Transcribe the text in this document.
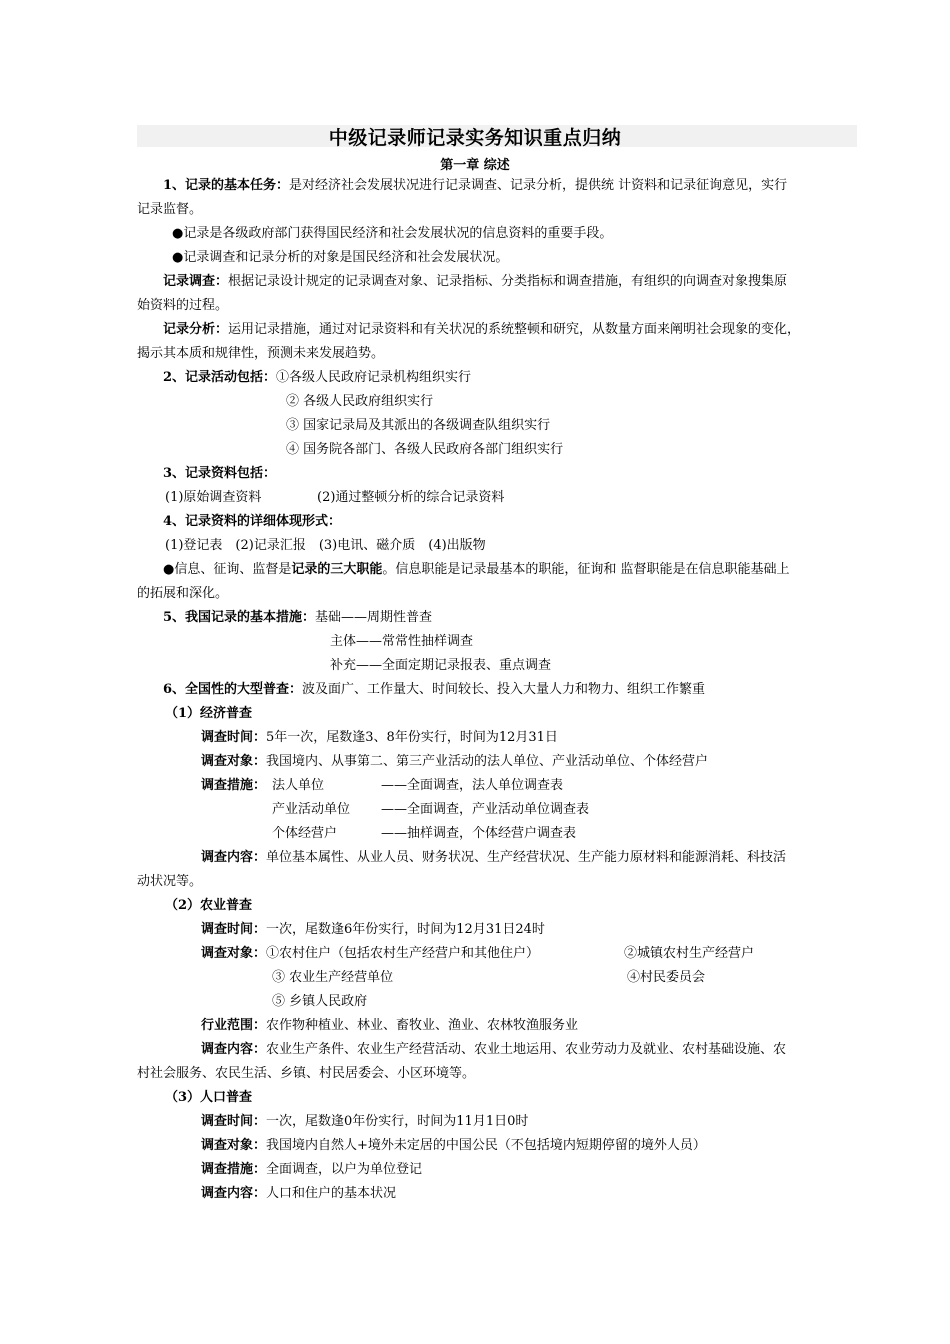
中级记录师记录实务知识重点归纳
第一章 综述
1、记录的基本任务：是对经济社会发展状况进行记录调查、记录分析，提供统 计资料和记录征询意见，实行
记录监督。
●记录是各级政府部门获得国民经济和社会发展状况的信息资料的重要手段。
●记录调查和记录分析的对象是国民经济和社会发展状况。
记录调查：根据记录设计规定的记录调查对象、记录指标、分类指标和调查措施，有组织的向调查对象搜集原
始资料的过程。
记录分析：运用记录措施，通过对记录资料和有关状况的系统整顿和研究，从数量方面来阐明社会现象的变化，
揭示其本质和规律性，预测未来发展趋势。
2、记录活动包括：①各级人民政府记录机构组织实行
② 各级人民政府组织实行
③ 国家记录局及其派出的各级调查队组织实行
④ 国务院各部门、各级人民政府各部门组织实行
3、记录资料包括：
(1)原始调查资料	(2)通过整顿分析的综合记录资料
4、记录资料的详细体现形式：
(1)登记表　(2)记录汇报　(3)电讯、磁介质　(4)出版物
●信息、征询、监督是记录的三大职能。信息职能是记录最基本的职能，征询和 监督职能是在信息职能基础上
的拓展和深化。
5、我国记录的基本措施：基础——周期性普查
主体——常常性抽样调查
补充——全面定期记录报表、重点调查
6、全国性的大型普查：波及面广、工作量大、时间较长、投入大量人力和物力、组织工作繁重
（1）经济普查
调查时间：5年一次，尾数逢3、8年份实行，时间为12月31日
调查对象：我国境内、从事第二、第三产业活动的法人单位、产业活动单位、个体经营户
调查措施： 法人单位	——全面调查，法人单位调查表
产业活动单位 ——全面调查，产业活动单位调查表
个体经营户	——抽样调查，个体经营户调查表
调查内容：单位基本属性、从业人员、财务状况、生产经营状况、生产能力原材料和能源消耗、科技活
动状况等。
（2）农业普查
调查时间：一次，尾数逢6年份实行，时间为12月31日24时
调查对象：①农村住户（包括农村生产经营户和其他住户）	②城镇农村生产经营户
③ 农业生产经营单位	④村民委员会
⑤ 乡镇人民政府
行业范围：农作物种植业、林业、畜牧业、渔业、农林牧渔服务业
调查内容：农业生产条件、农业生产经营活动、农业土地运用、农业劳动力及就业、农村基础设施、农
村社会服务、农民生活、乡镇、村民居委会、小区环境等。
（3）人口普查
调查时间：一次，尾数逢0年份实行，时间为11月1日0时
调查对象：我国境内自然人+境外未定居的中国公民（不包括境内短期停留的境外人员）
调查措施：全面调查，以户为单位登记
调查内容：人口和住户的基本状况
